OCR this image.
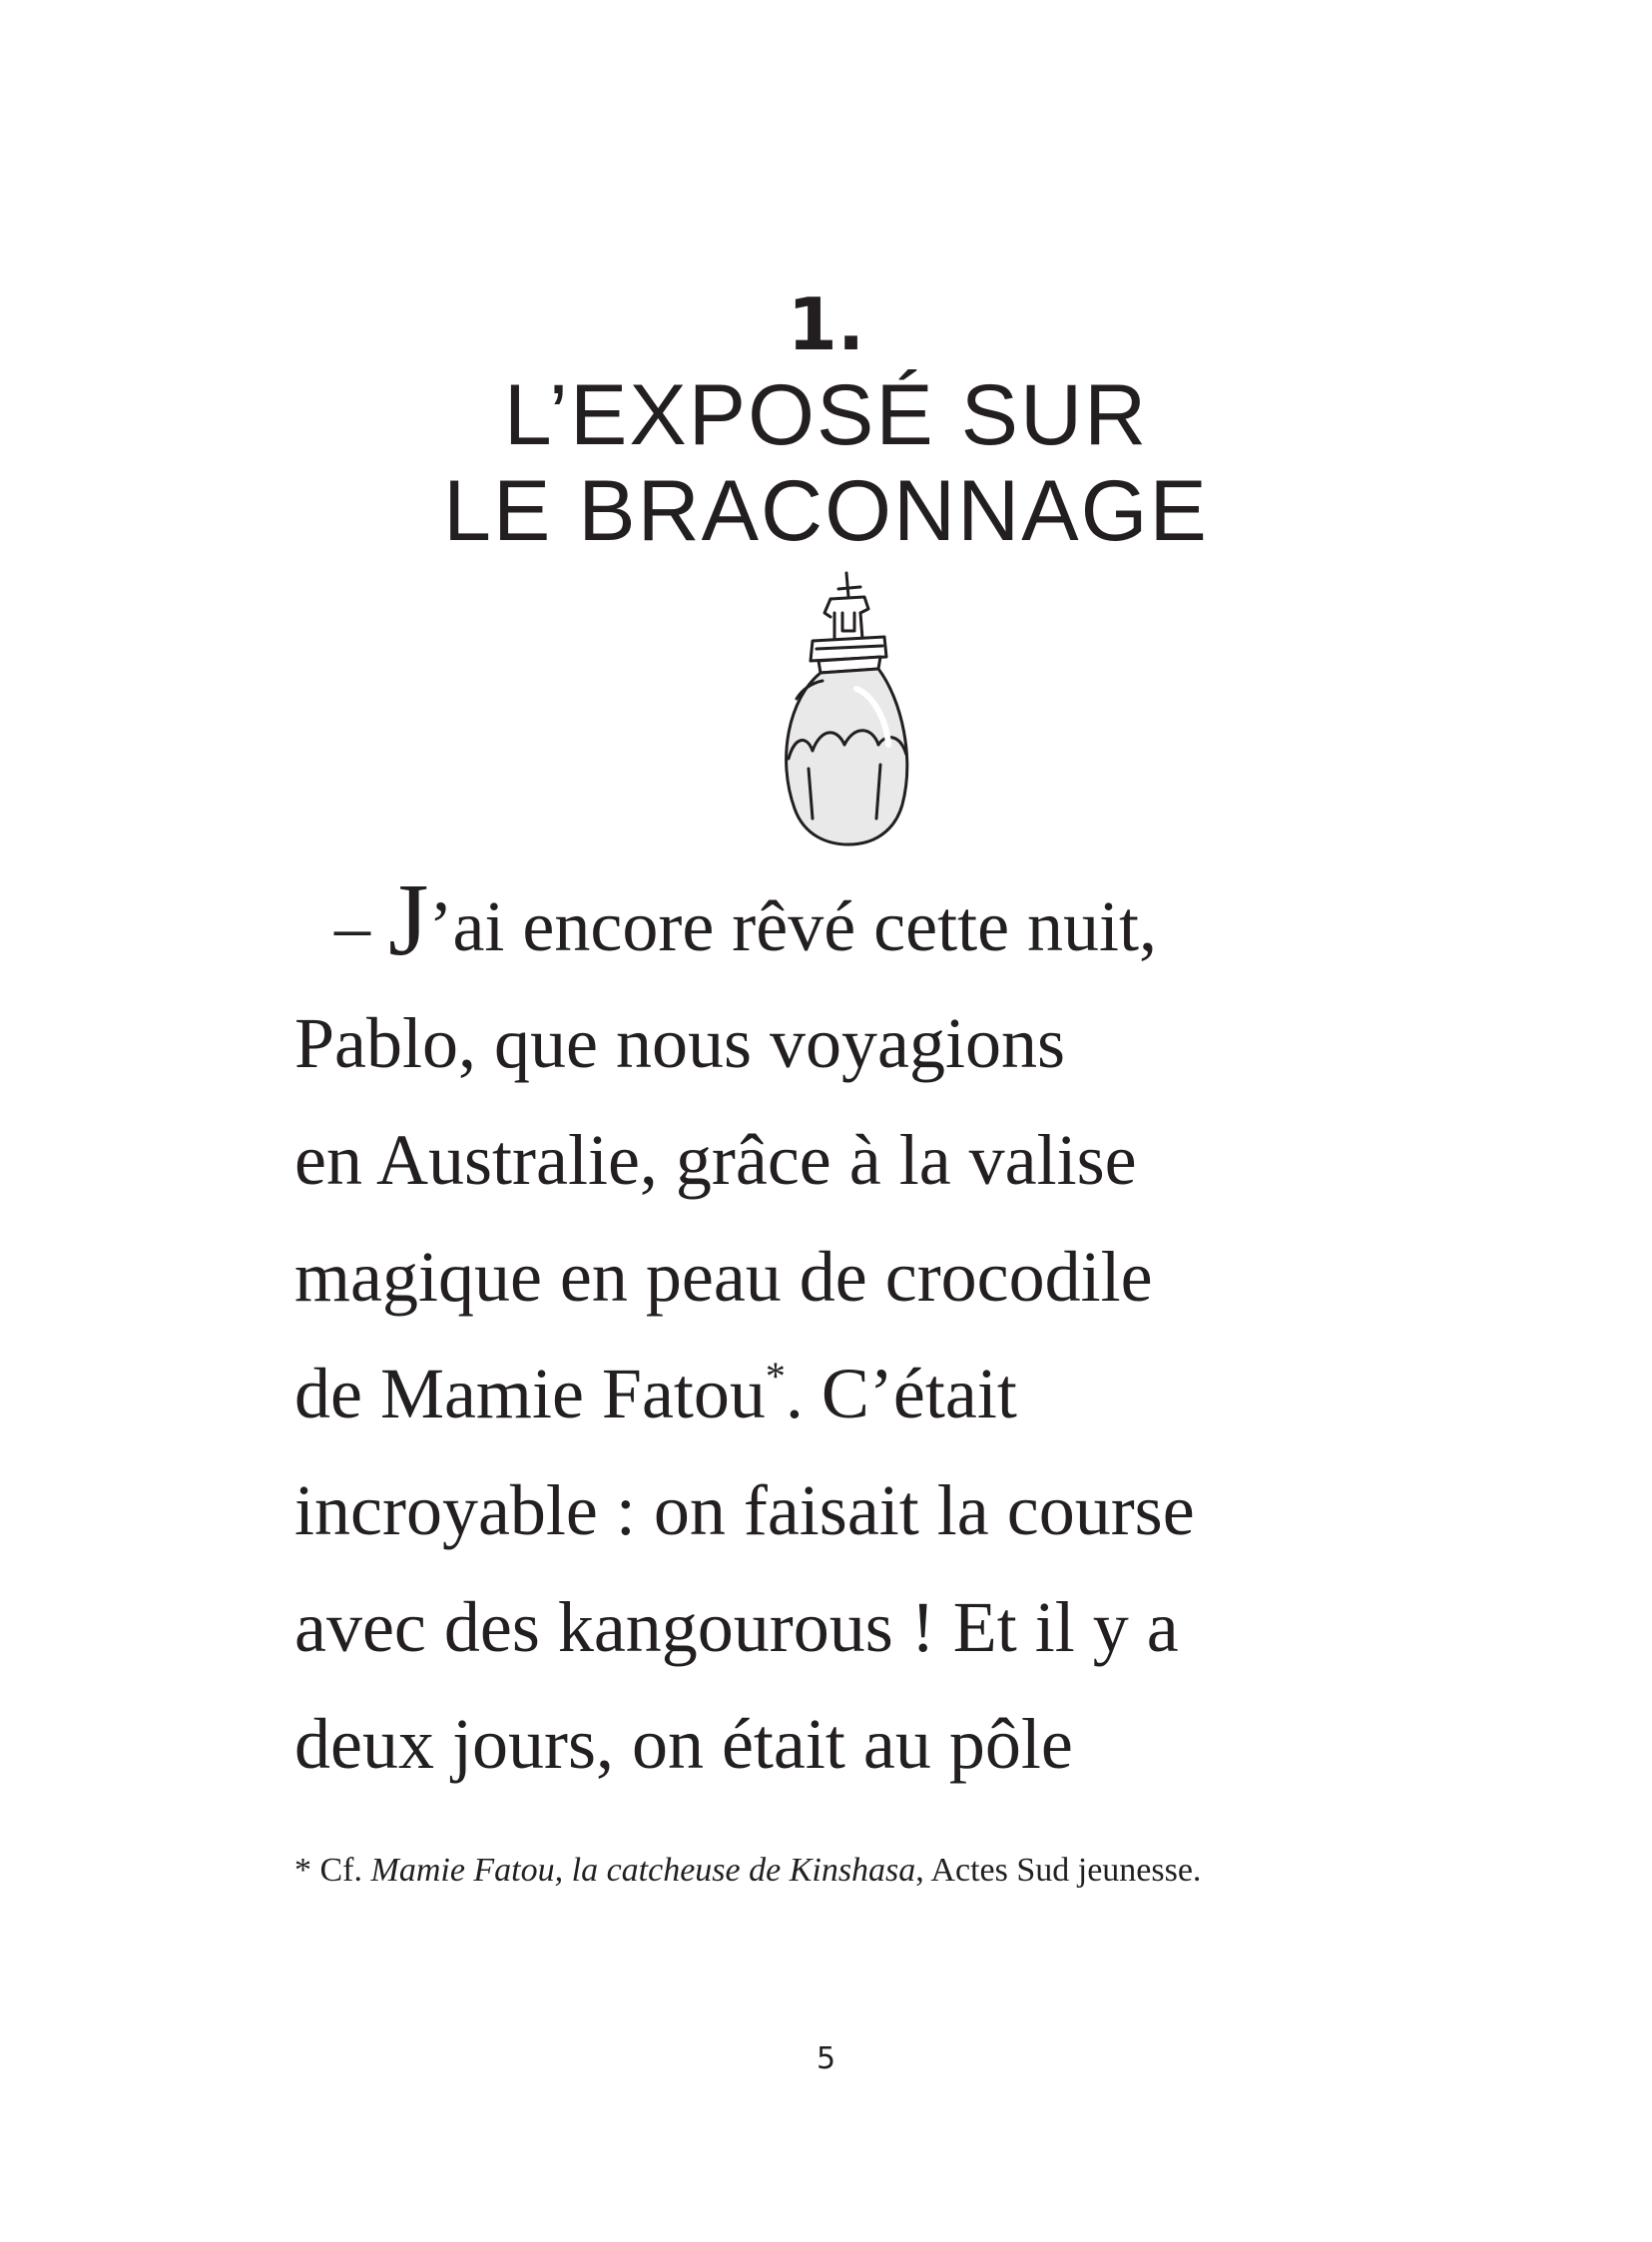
1.
L’EXPOSÉ SUR
LE BRACONNAGE
– J’ai encore rêvé cette nuit,
Pablo, que nous voyagions
en Australie, grâce à la valise
magique en peau de crocodile
de Mamie Fatou*. C’était
incroyable : on faisait la course
avec des kangourous ! Et il y a
deux jours, on était au pôle
* Cf. Mamie Fatou, la catcheuse de Kinshasa, Actes Sud jeunesse.
5
